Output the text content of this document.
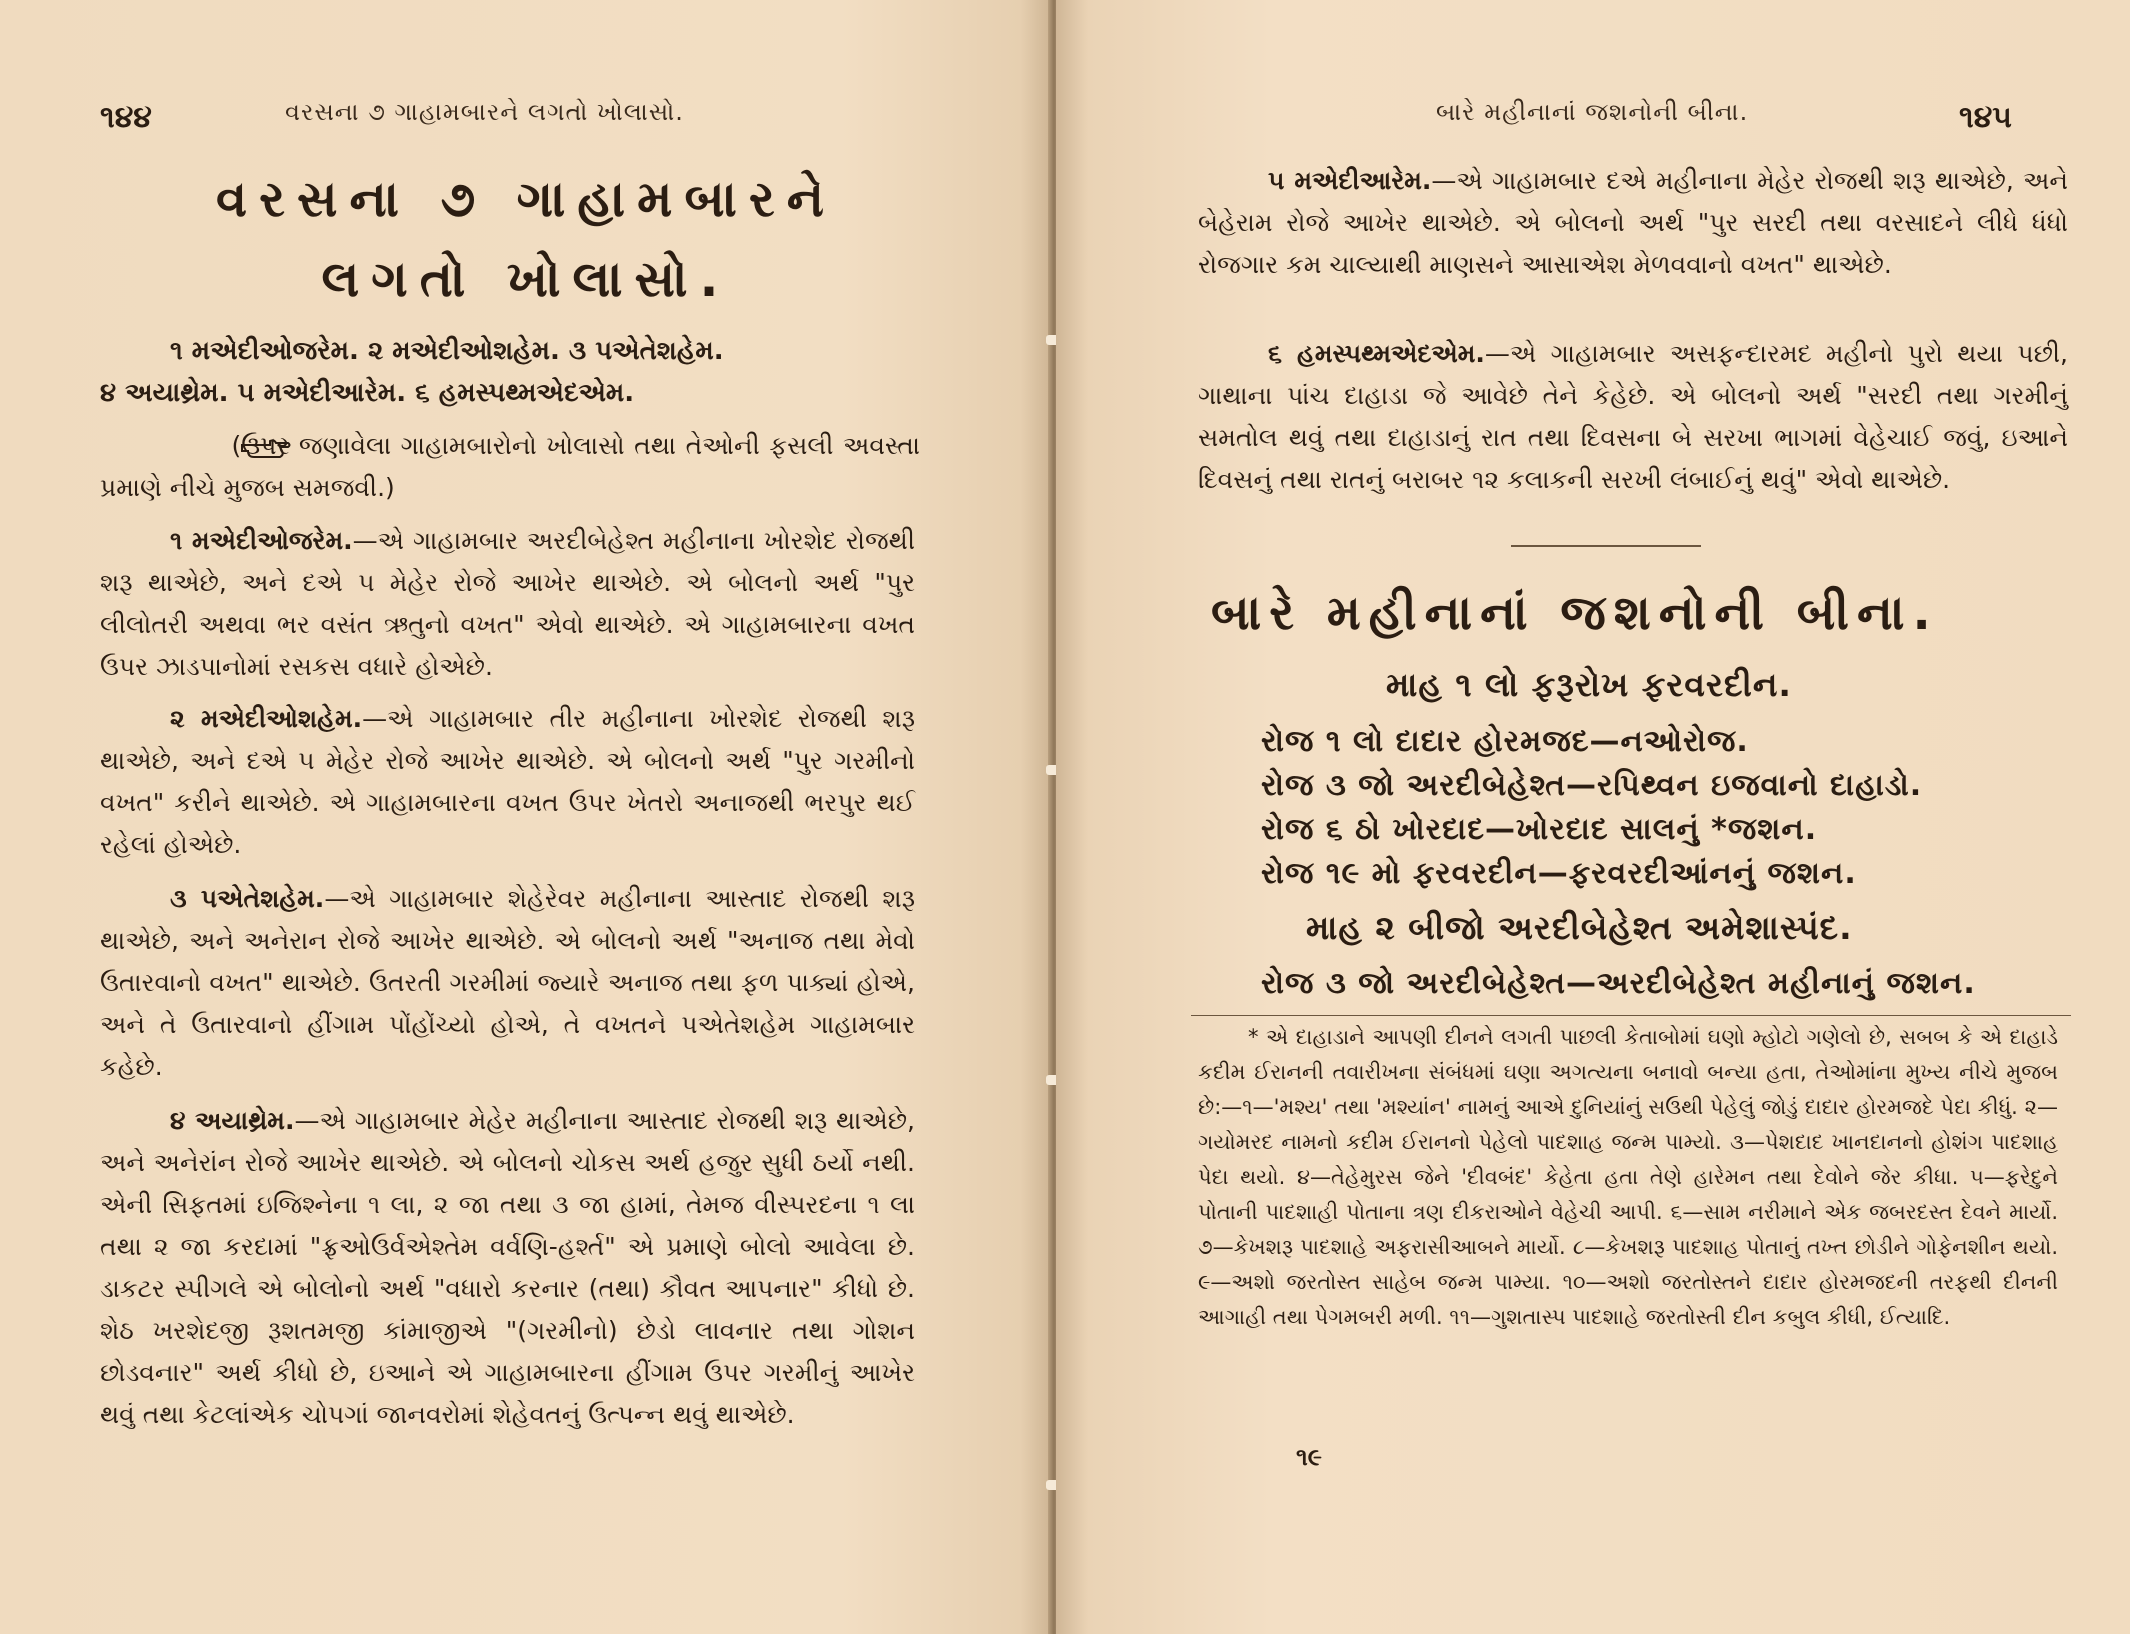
૧૪૪	વરસના ૭ ગાહામબારને લગતો ખોલાસો.
વરસના ૭ ગાહામબારને
લગતો ખોલાસો.
૧ મએદીઓજરેમ. ૨ મએદીઓશહેમ. ૩ પએતેશહેમ.
૪ અયાથ્રેમ. ૫ મએદીઆરેમ. ૬ હમસ્પથ્મએદએમ.
(ઉપર જણાવેલા ગાહામબારોનો ખોલાસો તથા તેઓની ફસલી અવસ્તા પ્રમાણે નીચે મુજબ સમજવી.)
૧ મએદીઓજરેમ.—એ ગાહામબાર અરદીબેહેશ્ત મહીનાના ખોરશેદ રોજથી શરૂ થાએછે, અને દએ ૫ મેહેર રોજે આખેર થાએછે. એ બોલનો અર્થ "પુર લીલોતરી અથવા ભર વસંત ઋતુનો વખત" એવો થાએછે. એ ગાહામબારના વખત ઉપર ઝાડપાનોમાં રસકસ વધારે હોએછે.
૨ મએદીઓશહેમ.—એ ગાહામબાર તીર મહીનાના ખોરશેદ રોજથી શરૂ થાએછે, અને દએ ૫ મેહેર રોજે આખેર થાએછે. એ બોલનો અર્થ "પુર ગરમીનો વખત" કરીને થાએછે. એ ગાહામબારના વખત ઉપર ખેતરો અનાજથી ભરપુર થઈ રહેલાં હોએછે.
૩ પએતેશહેમ.—એ ગાહામબાર શેહેરેવર મહીનાના આસ્તાદ રોજથી શરૂ થાએછે, અને અનેરાન રોજે આખેર થાએછે. એ બોલનો અર્થ "અનાજ તથા મેવો ઉતારવાનો વખત" થાએછે. ઉતરતી ગરમીમાં જ્યારે અનાજ તથા ફળ પાક્યાં હોએ, અને તે ઉતારવાનો હીંગામ પોંહોંચ્યો હોએ, તે વખતને પએતેશહેમ ગાહામબાર કહેછે.
૪ અયાથ્રેમ.—એ ગાહામબાર મેહેર મહીનાના આસ્તાદ રોજથી શરૂ થાએછે, અને અનેરાંન રોજે આખેર થાએછે. એ બોલનો ચોકસ અર્થ હજુર સુધી ઠર્યો નથી. એની સિફતમાં ઇજિશ્નેના ૧ લા, ૨ જા તથા ૩ જા હામાં, તેમજ વીસ્પરદના ૧ લા તથા ૨ જા કરદામાં "ફ્રઓઉર્વએશ્તેમ વર્વણિ-હર્શ્ત" એ પ્રમાણે બોલો આવેલા છે. ડાકટર સ્પીગલે એ બોલોનો અર્થ "વધારો કરનાર (તથા) કૌવત આપનાર" કીધો છે. શેઠ ખરશેદજી રૂશતમજી કાંમાજીએ "(ગરમીનો) છેડો લાવનાર તથા ગોશન છોડવનાર" અર્થ કીધો છે, ઇઆને એ ગાહામબારના હીંગામ ઉપર ગરમીનું આખેર થવું તથા કેટલાંએક ચોપગાં જાનવરોમાં શેહેવતનું ઉત્પન્ન થવું થાએછે.
બારે મહીનાનાં જશનોની બીના.	૧૪૫
૫ મએદીઆરેમ.—એ ગાહામબાર દએ મહીનાના મેહેર રોજથી શરૂ થાએછે, અને બેહેરામ રોજે આખેર થાએછે. એ બોલનો અર્થ "પુર સરદી તથા વરસાદને લીધે ધંધો રોજગાર કમ ચાલ્યાથી માણસને આસાએશ મેળવવાનો વખત" થાએછે.
૬ હમસ્પથ્મએદએમ.—એ ગાહામબાર અસફન્દારમદ મહીનો પુરો થયા પછી, ગાથાના પાંચ દાહાડા જે આવેછે તેને કેહેછે. એ બોલનો અર્થ "સરદી તથા ગરમીનું સમતોલ થવું તથા દાહાડાનું રાત તથા દિવસના બે સરખા ભાગમાં વેહેચાઈ જવું, ઇઆને દિવસનું તથા રાતનું બરાબર ૧૨ કલાકની સરખી લંબાઈનું થવું" એવો થાએછે.
બારે મહીનાનાં જશનોની બીના.
માહ ૧ લો ફરૂરોખ ફરવરદીન.
રોજ ૧ લો દાદાર હોરમજદ—નઓરોજ.
રોજ ૩ જો અરદીબેહેશ્ત—રપિથ્વન ઇજવાનો દાહાડો.
રોજ ૬ ઠો ખોરદાદ—ખોરદાદ સાલનું *જશન.
રોજ ૧૯ મો ફરવરદીન—ફરવરદીઆંનનું જશન.
માહ ૨ બીજો અરદીબેહેશ્ત અમેશાસ્પંદ.
રોજ ૩ જો અરદીબેહેશ્ત—અરદીબેહેશ્ત મહીનાનું જશન.
* એ દાહાડાને આપણી દીનને લગતી પાછલી કેતાબોમાં ઘણો મ્હોટો ગણેલો છે, સબબ કે એ દાહાડે કદીમ ઈરાનની તવારીખના સંબંધમાં ઘણા અગત્યના બનાવો બન્યા હતા, તેઓમાંના મુખ્ય નીચે મુજબ છે:—૧—'મશ્ય' તથા 'મશ્યાંન' નામનું આએ દુનિયાંનું સઉથી પેહેલું જોડું દાદાર હોરમજદે પેદા કીધું. ૨—ગયોમરદ નામનો કદીમ ઈરાનનો પેહેલો પાદશાહ જન્મ પામ્યો. ૩—પેશદાદ ખાનદાનનો હોશંગ પાદશાહ પેદા થયો. ૪—તેહેમુરસ જેને 'દીવબંદ' કેહેતા હતા તેણે હારેમન તથા દેવોને જેર કીધા. ૫—ફરેદુને પોતાની પાદશાહી પોતાના ત્રણ દીકરાઓને વેહેચી આપી. ૬—સામ નરીમાને એક જબરદસ્ત દેવને માર્યો. ૭—કેખશરૂ પાદશાહે અફરાસીઆબને માર્યો. ૮—કેખશરૂ પાદશાહ પોતાનું તખ્ત છોડીને ગોફેનશીન થયો. ૯—અશો જરતોસ્ત સાહેબ જન્મ પામ્યા. ૧૦—અશો જરતોસ્તને દાદાર હોરમજદની તરફથી દીનની આગાહી તથા પેગમબરી મળી. ૧૧—ગુશતાસ્પ પાદશાહે જરતોસ્તી દીન કબુલ કીધી, ઈત્યાદિ.
૧૯
